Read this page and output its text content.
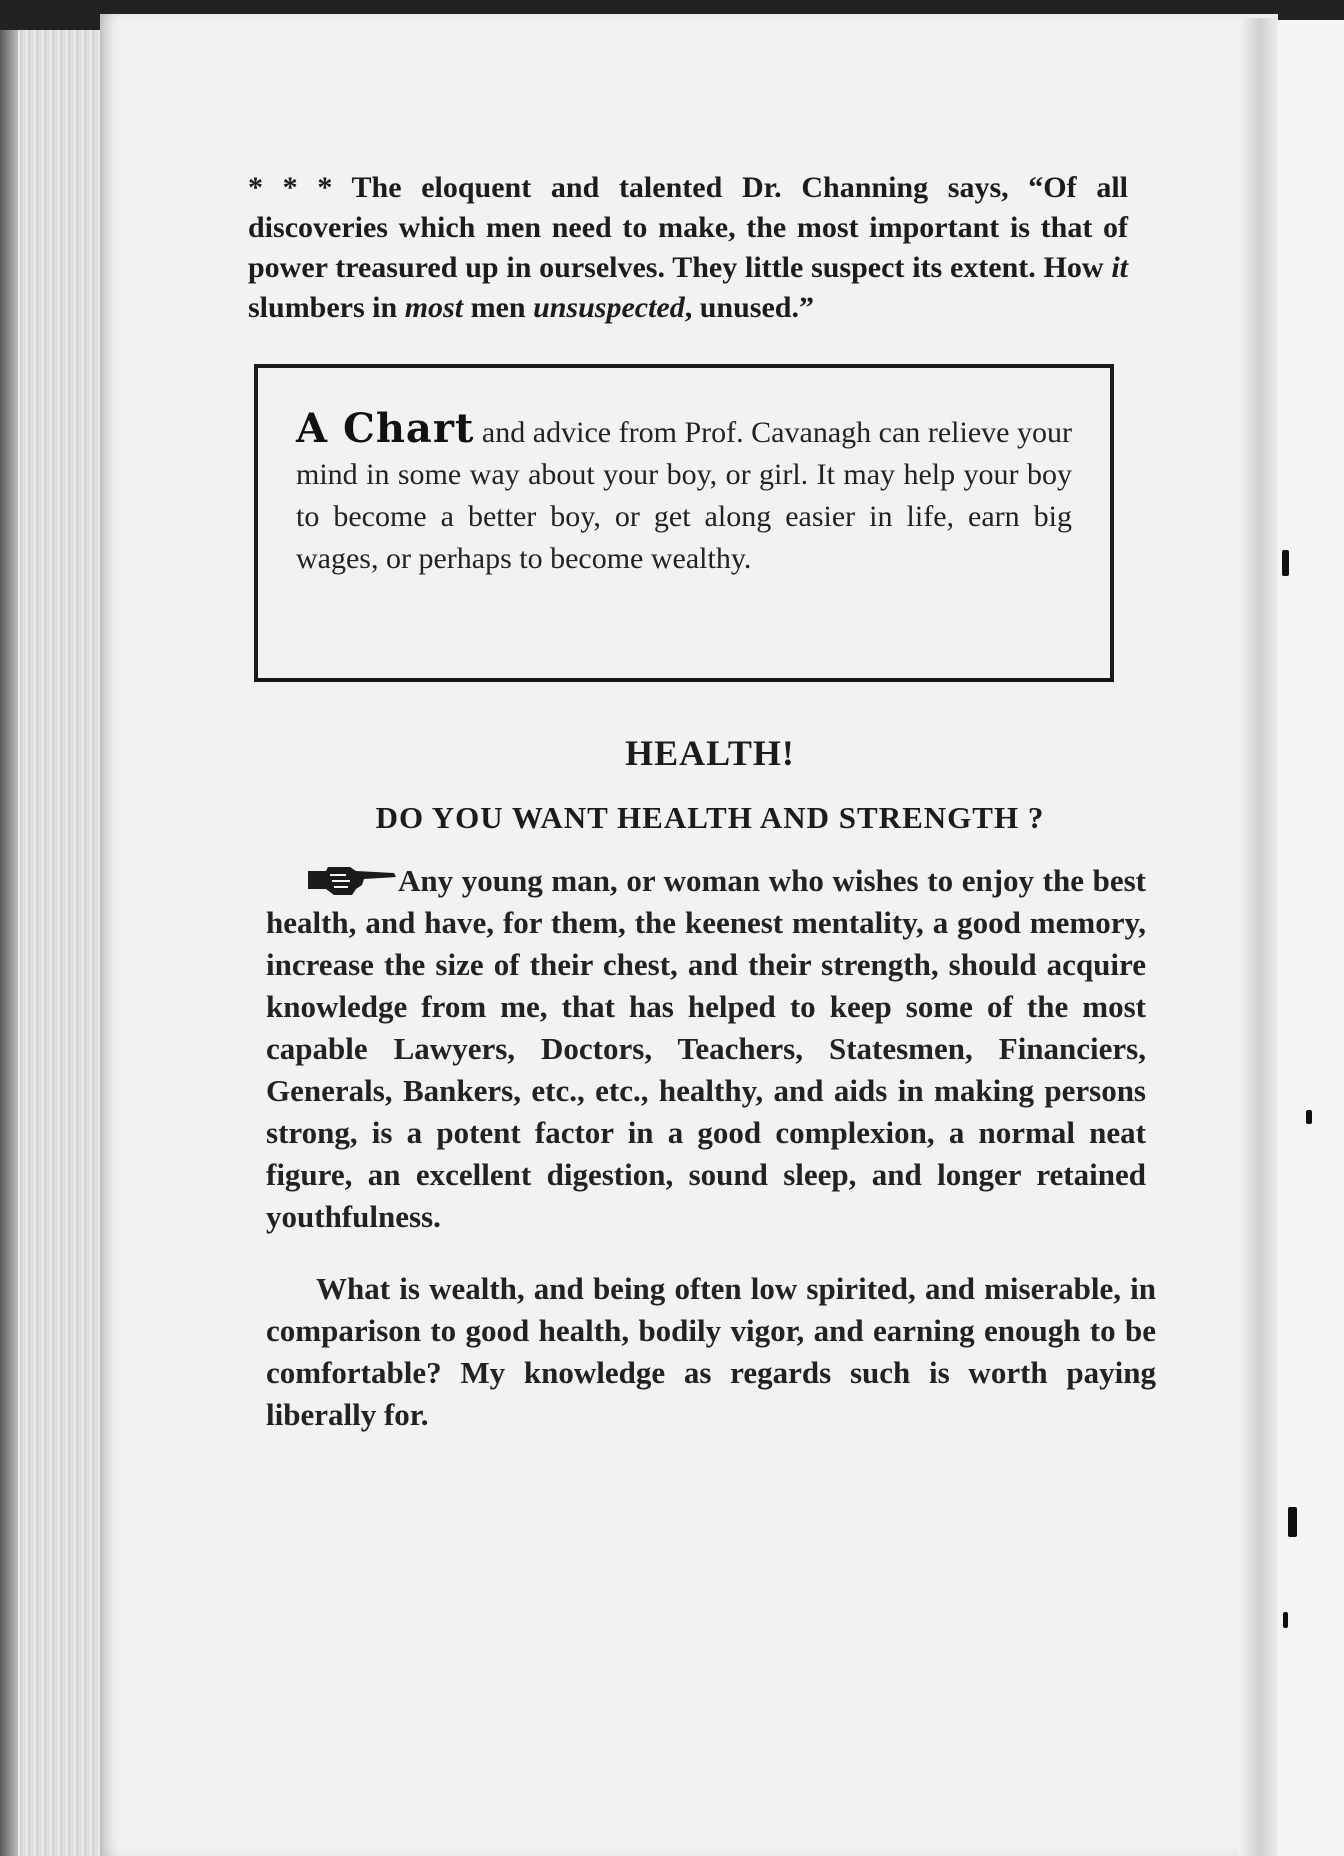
* * * The eloquent and talented Dr. Channing says, “Of all discoveries which men need to make, the most important is that of power treasured up in ourselves. They little suspect its extent. How it slumbers in most men unsuspected, unused.”

A Chart and advice from Prof. Cavanagh can relieve your mind in some way about your boy, or girl. It may help your boy to become a better boy, or get along easier in life, earn big wages, or perhaps to become wealthy.
HEALTH!
DO YOU WANT HEALTH AND STRENGTH ?
Any young man, or woman who wishes to enjoy the best health, and have, for them, the keenest mentality, a good memory, increase the size of their chest, and their strength, should acquire knowledge from me, that has helped to keep some of the most capable Lawyers, Doctors, Teachers, Statesmen, Financiers, Generals, Bankers, etc., etc., healthy, and aids in making persons strong, is a potent factor in a good complexion, a normal neat figure, an excellent digestion, sound sleep, and longer retained youthfulness.
What is wealth, and being often low spirited, and miserable, in comparison to good health, bodily vigor, and earning enough to be comfortable? My knowledge as regards such is worth paying liberally for.
